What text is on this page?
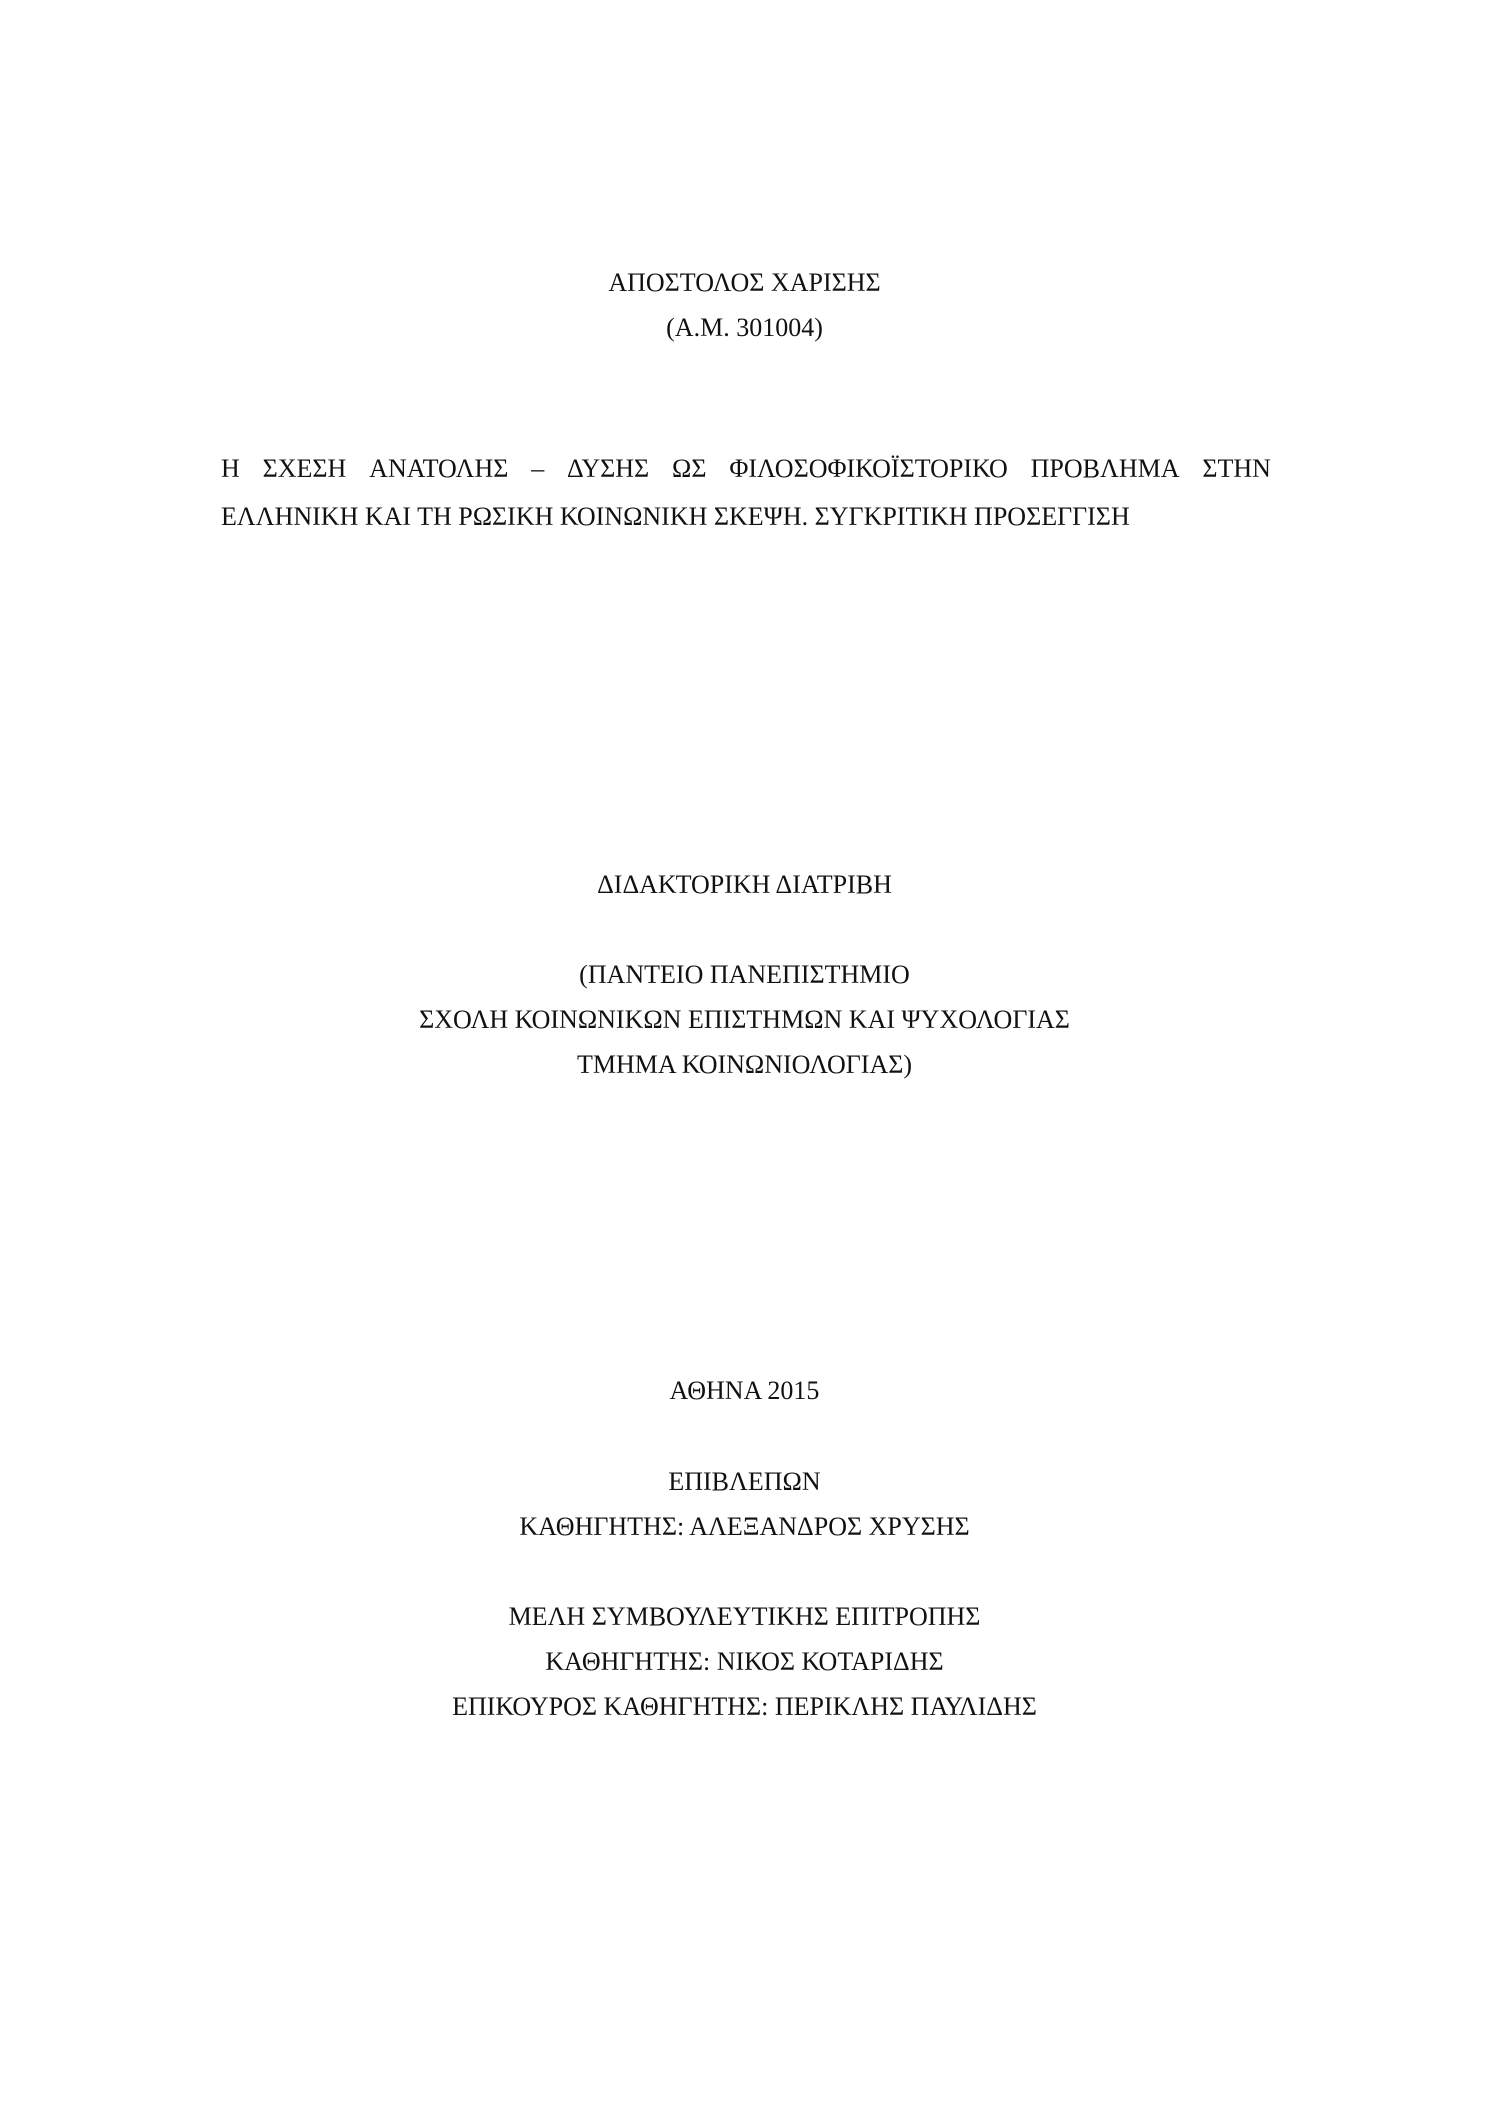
ΑΠΟΣΤΟΛΟΣ ΧΑΡΙΣΗΣ
(Α.Μ. 301004)
Η ΣΧΕΣΗ ΑΝΑΤΟΛΗΣ – ΔΥΣΗΣ ΩΣ ΦΙΛΟΣΟΦΙΚΟΪΣΤΟΡΙΚΟ ΠΡΟΒΛΗΜΑ ΣΤΗΝ
ΕΛΛΗΝΙΚΗ ΚΑΙ ΤΗ ΡΩΣΙΚΗ ΚΟΙΝΩΝΙΚΗ ΣΚΕΨΗ. ΣΥΓΚΡΙΤΙΚΗ ΠΡΟΣΕΓΓΙΣΗ
ΔΙΔΑΚΤΟΡΙΚΗ ΔΙΑΤΡΙΒΗ
(ΠΑΝΤΕΙΟ ΠΑΝΕΠΙΣΤΗΜΙΟ
ΣΧΟΛΗ ΚΟΙΝΩΝΙΚΩΝ ΕΠΙΣΤΗΜΩΝ ΚΑΙ ΨΥΧΟΛΟΓΙΑΣ
ΤΜΗΜΑ ΚΟΙΝΩΝΙΟΛΟΓΙΑΣ)
ΑΘΗΝΑ 2015
ΕΠΙΒΛΕΠΩΝ
ΚΑΘΗΓΗΤΗΣ: ΑΛΕΞΑΝΔΡΟΣ ΧΡΥΣΗΣ
ΜΕΛΗ ΣΥΜΒΟΥΛΕΥΤΙΚΗΣ ΕΠΙΤΡΟΠΗΣ
ΚΑΘΗΓΗΤΗΣ: ΝΙΚΟΣ ΚΟΤΑΡΙΔΗΣ
ΕΠΙΚΟΥΡΟΣ ΚΑΘΗΓΗΤΗΣ: ΠΕΡΙΚΛΗΣ ΠΑΥΛΙΔΗΣ
